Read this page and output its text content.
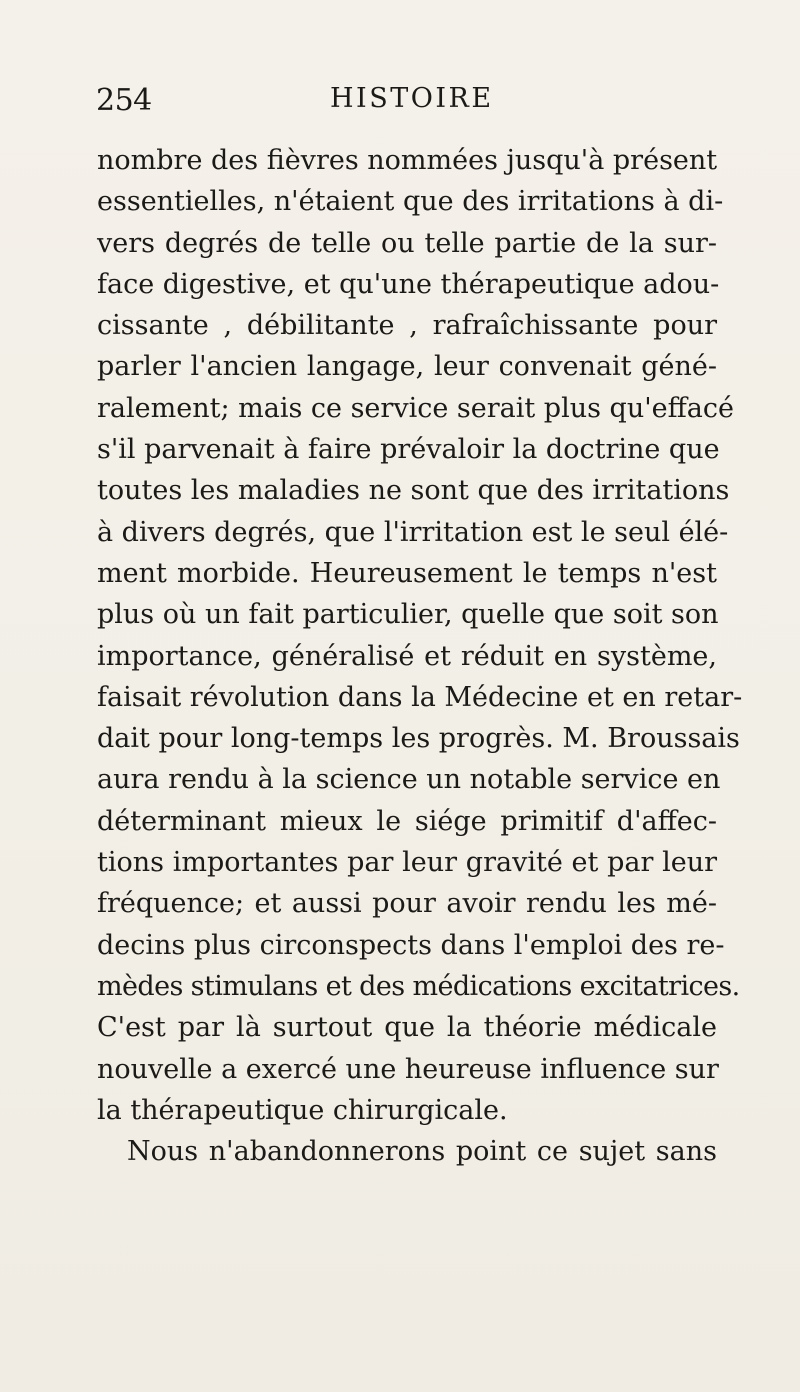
254	HISTOIRE
nombre des fièvres nommées jusqu'à présent
essentielles, n'étaient que des irritations à di-
vers degrés de telle ou telle partie de la sur-
face digestive, et qu'une thérapeutique adou-
cissante , débilitante , rafraîchissante pour
parler l'ancien langage, leur convenait géné-
ralement; mais ce service serait plus qu'effacé
s'il parvenait à faire prévaloir la doctrine que
toutes les maladies ne sont que des irritations
à divers degrés, que l'irritation est le seul élé-
ment morbide. Heureusement le temps n'est
plus où un fait particulier, quelle que soit son
importance, généralisé et réduit en système,
faisait révolution dans la Médecine et en retar-
dait pour long-temps les progrès. M. Broussais
aura rendu à la science un notable service en
déterminant mieux le siége primitif d'affec-
tions importantes par leur gravité et par leur
fréquence; et aussi pour avoir rendu les mé-
decins plus circonspects dans l'emploi des re-
mèdes stimulans et des médications excitatrices.
C'est par là surtout que la théorie médicale
nouvelle a exercé une heureuse influence sur
la thérapeutique chirurgicale.
Nous n'abandonnerons point ce sujet sans
